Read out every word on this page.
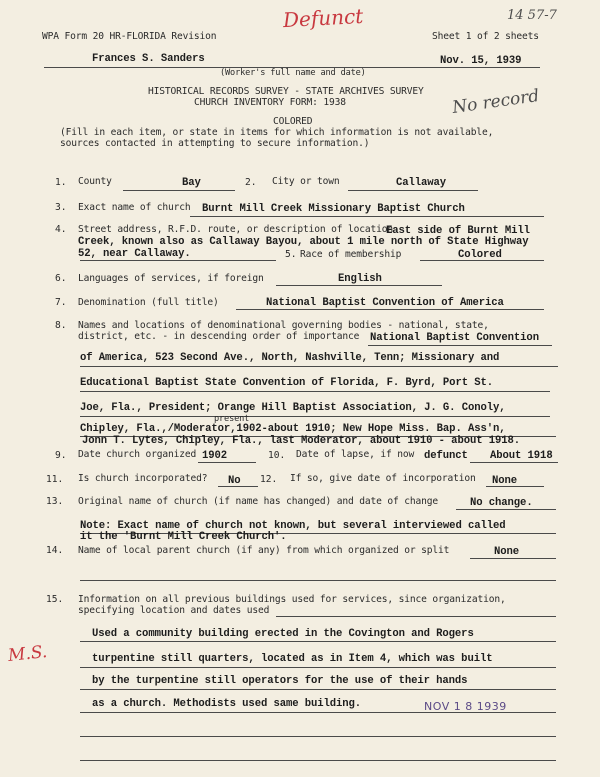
WPA Form 20 HR-FLORIDA Revision	Sheet 1 of 2 sheets
Defunct	14 57-7
Frances S. Sanders	Nov. 15, 1939
(Worker's full name and date)
HISTORICAL RECORDS SURVEY - STATE ARCHIVES SURVEY
CHURCH INVENTORY FORM: 1938
COLORED
No record
(Fill in each item, or state in items for which information is not available,
sources contacted in attempting to secure information.)
1. County	Bay	2. City or town	Callaway
3. Exact name of church Burnt Mill Creek Missionary Baptist Church
4. Street address, R.F.D. route, or description of location
East side of Burnt Mill
Creek, known also as Callaway Bayou, about 1 mile north of State Highway
52, near Callaway.	5. Race of membership	Colored
6. Languages of services, if foreign	English
7. Denomination (full title)	National Baptist Convention of America
8. Names and locations of denominational governing bodies - national, state,
district, etc. - in descending order of importance National Baptist Convention
of America, 523 Second Ave., North, Nashville, Tenn; Missionary and
Educational Baptist State Convention of Florida, F. Byrd, Port St.
Joe, Fla., President; Orange Hill Baptist Association, J. G. Conoly,
present
Chipley, Fla.,/Moderator,1902-about 1910; New Hope Miss. Bap. Ass'n,
Jonn T. Lytes, Chipley, Fla., last Moderator, about 1910 - about 1918.
9. Date church organized 1902	10. Date of lapse, if now defunct About 1918
11. Is church incorporated? No 12. If so, give date of incorporation None
13. Original name of church (if name has changed) and date of change	No change.
Note: Exact name of church not known, but several interviewed called
it the 'Burnt Mill Creek Church'.
14. Name of local parent church (if any) from which organized or split	None
15. Information on all previous buildings used for services, since organization,
specifying location and dates used
M.S.
Used a community building erected in the Covington and Rogers
turpentine still quarters, located as in Item 4, which was built
by the turpentine still operators for the use of their hands
as a church. Methodists used same building.	NOV 1 8 1939
